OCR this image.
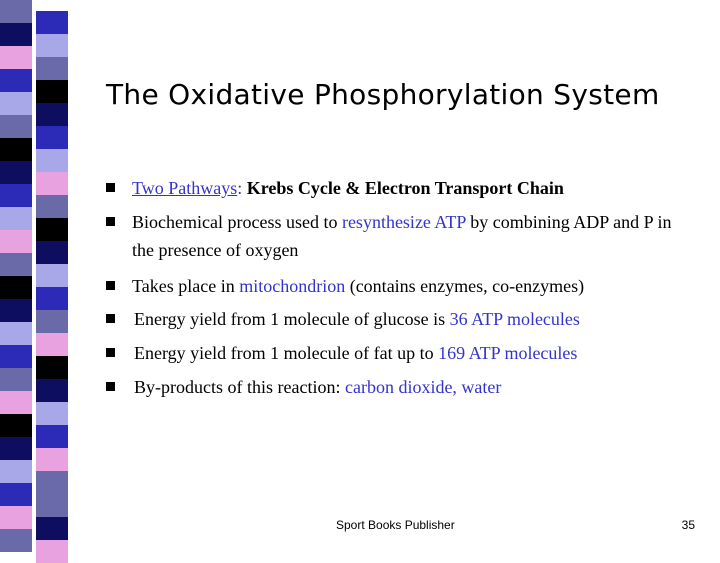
The Oxidative Phosphorylation System
Two Pathways: Krebs Cycle & Electron Transport Chain
Biochemical process used to resynthesize ATP by combining ADP and P in the presence of oxygen
Takes place in mitochondrion (contains enzymes, co-enzymes)
Energy yield from 1 molecule of glucose is 36 ATP molecules
Energy yield from 1 molecule of fat up to 169 ATP molecules
By-products of this reaction: carbon dioxide, water
Sport Books Publisher	35
